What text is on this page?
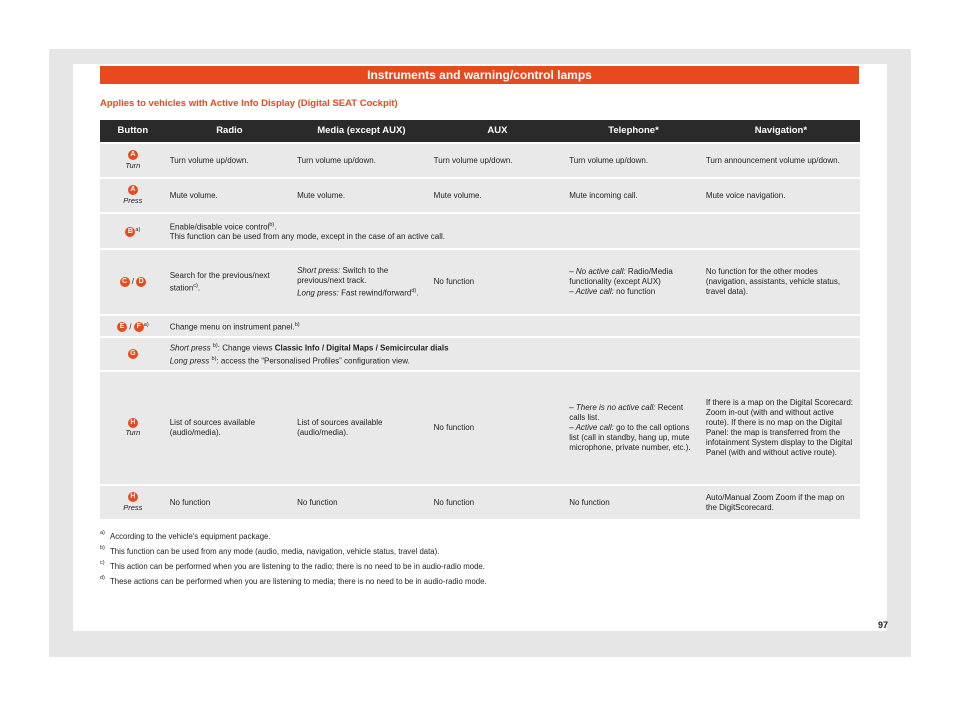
Instruments and warning/control lamps
Applies to vehicles with Active Info Display (Digital SEAT Cockpit)
Button	Radio	Media (except AUX)	AUX	Telephone*	Navigation*
A
Turn	Turn volume up/down.	Turn volume up/down.	Turn volume up/down.	Turn volume up/down.	Turn announcement volume up/down.
A
Press	Mute volume.	Mute volume.	Mute volume.	Mute incoming call.	Mute voice navigation.
B $^{a)}$	Enable/disable voice control$^{b)}$.
This function can be used from any mode, except in the case of an active call.				
C / D	Search for the previous/next station$^{c)}$.	Short press: Switch to the previous/next track.
Long press: Fast rewind/forward$^{d)}$.	No function	– No active call: Radio/Media functionality (except AUX)
– Active call: no function	No function for the other modes (navigation, assistants, vehicle status, travel data).
E / F $^{a)}$	Change menu on instrument panel.$^{b)}$
G	Short press $^{b)}$: Change views Classic Info / Digital Maps / Semicircular dials
Long press $^{b)}$: access the “Personalised Profiles” configuration view.				
H
Turn	List of sources available (audio/media).	List of sources available (audio/media).	No function	– There is no active call: Recent calls list.
– Active call: go to the call options list (call in standby, hang up, mute microphone, private number, etc.).	If there is a map on the Digital Scorecard: Zoom in-out (with and without active route). If there is no map on the Digital Panel: the map is transferred from the infotainment System display to the Digital Panel (with and without active route).
H
Press	No function	No function	No function	No function	Auto/Manual Zoom Zoom if the map on the DigitScorecard.
a) According to the vehicle's equipment package.
b) This function can be used from any mode (audio, media, navigation, vehicle status, travel data).
c) This action can be performed when you are listening to the radio; there is no need to be in audio-radio mode.
d) These actions can be performed when you are listening to media; there is no need to be in audio-radio mode.
97
